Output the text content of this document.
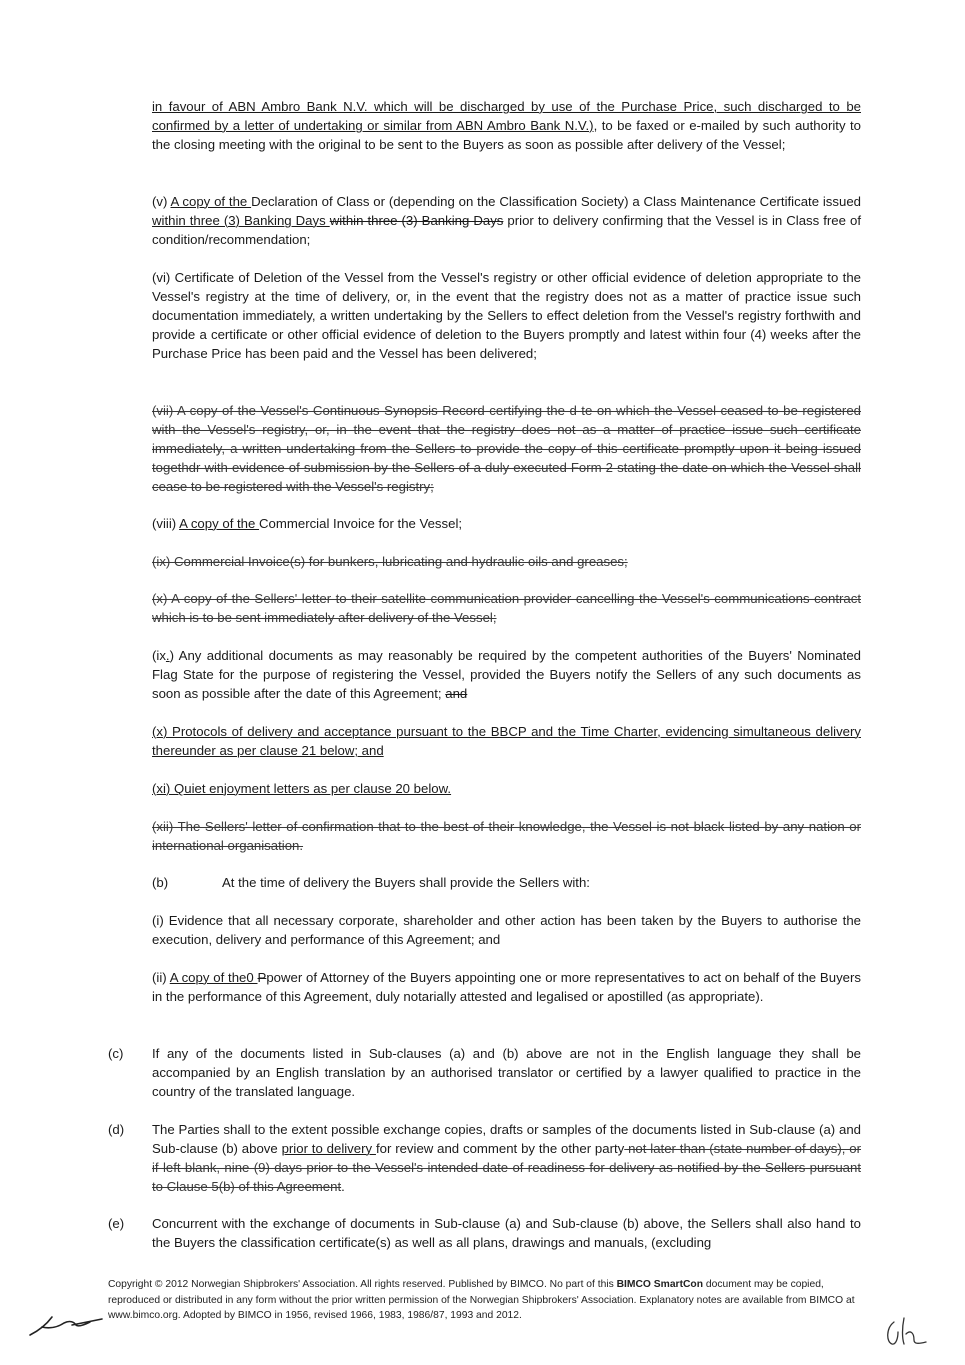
in favour of ABN Ambro Bank N.V. which will be discharged by use of the Purchase Price, such discharged to be confirmed by a letter of undertaking or similar from ABN Ambro Bank N.V.), to be faxed or e-mailed by such authority to the closing meeting with the original to be sent to the Buyers as soon as possible after delivery of the Vessel;
(v) A copy of the Declaration of Class or (depending on the Classification Society) a Class Maintenance Certificate issued within three (3) Banking Days within three (3) Banking Days prior to delivery confirming that the Vessel is in Class free of condition/recommendation;
(vi) Certificate of Deletion of the Vessel from the Vessel's registry or other official evidence of deletion appropriate to the Vessel's registry at the time of delivery, or, in the event that the registry does not as a matter of practice issue such documentation immediately, a written undertaking by the Sellers to effect deletion from the Vessel's registry forthwith and provide a certificate or other official evidence of deletion to the Buyers promptly and latest within four (4) weeks after the Purchase Price has been paid and the Vessel has been delivered;
(vii) A copy of the Vessel's Continuous Synopsis Record certifying the d te on which the Vessel ceased to be registered with the Vessel's registry, or, in the event that the registry does not as a matter of practice issue such certificate immediately, a written undertaking from the Sellers to provide the copy of this certificate promptly upon it being issued togethdr with evidence of submission by the Sellers of a duly executed Form 2 stating the date on which the Vessel shall cease to be registered with the Vessel's registry;
(viii) A copy of the Commercial Invoice for the Vessel;
(ix) Commercial Invoice(s) for bunkers, lubricating and hydraulic oils and greases;
(x) A copy of the Sellers' letter to their satellite communication provider cancelling the Vessel's communications contract which is to be sent immediately after delivery of the Vessel;
(ix.) Any additional documents as may reasonably be required by the competent authorities of the Buyers' Nominated Flag State for the purpose of registering the Vessel, provided the Buyers notify the Sellers of any such documents as soon as possible after the date of this Agreement; and
(x) Protocols of delivery and acceptance pursuant to the BBCP and the Time Charter, evidencing simultaneous delivery thereunder as per clause 21 below; and
(xi) Quiet enjoyment letters as per clause 20 below.
(xii) The Sellers' letter of confirmation that to the best of their knowledge, the Vessel is not black listed by any nation or international organisation.
(b)	At the time of delivery the Buyers shall provide the Sellers with:
(i) Evidence that all necessary corporate, shareholder and other action has been taken by the Buyers to authorise the execution, delivery and performance of this Agreement; and
(ii) A copy of the0 Ppower of Attorney of the Buyers appointing one or more representatives to act on behalf of the Buyers in the performance of this Agreement, duly notarially attested and legalised or apostilled (as appropriate).
(c) If any of the documents listed in Sub-clauses (a) and (b) above are not in the English language they shall be accompanied by an English translation by an authorised translator or certified by a lawyer qualified to practice in the country of the translated language.
(d) The Parties shall to the extent possible exchange copies, drafts or samples of the documents listed in Sub-clause (a) and Sub-clause (b) above prior to delivery for review and comment by the other party not later than (state number of days), or if left blank, nine (9) days prior to the Vessel's intended date of readiness for delivery as notified by the Sellers pursuant to Clause 5(b) of this Agreement.
(e) Concurrent with the exchange of documents in Sub-clause (a) and Sub-clause (b) above, the Sellers shall also hand to the Buyers the classification certificate(s) as well as all plans, drawings and manuals, (excluding
Copyright © 2012 Norwegian Shipbrokers' Association. All rights reserved. Published by BIMCO. No part of this BIMCO SmartCon document may be copied, reproduced or distributed in any form without the prior written permission of the Norwegian Shipbrokers' Association. Explanatory notes are available from BIMCO at www.bimco.org. Adopted by BIMCO in 1956, revised 1966, 1983, 1986/87, 1993 and 2012.
